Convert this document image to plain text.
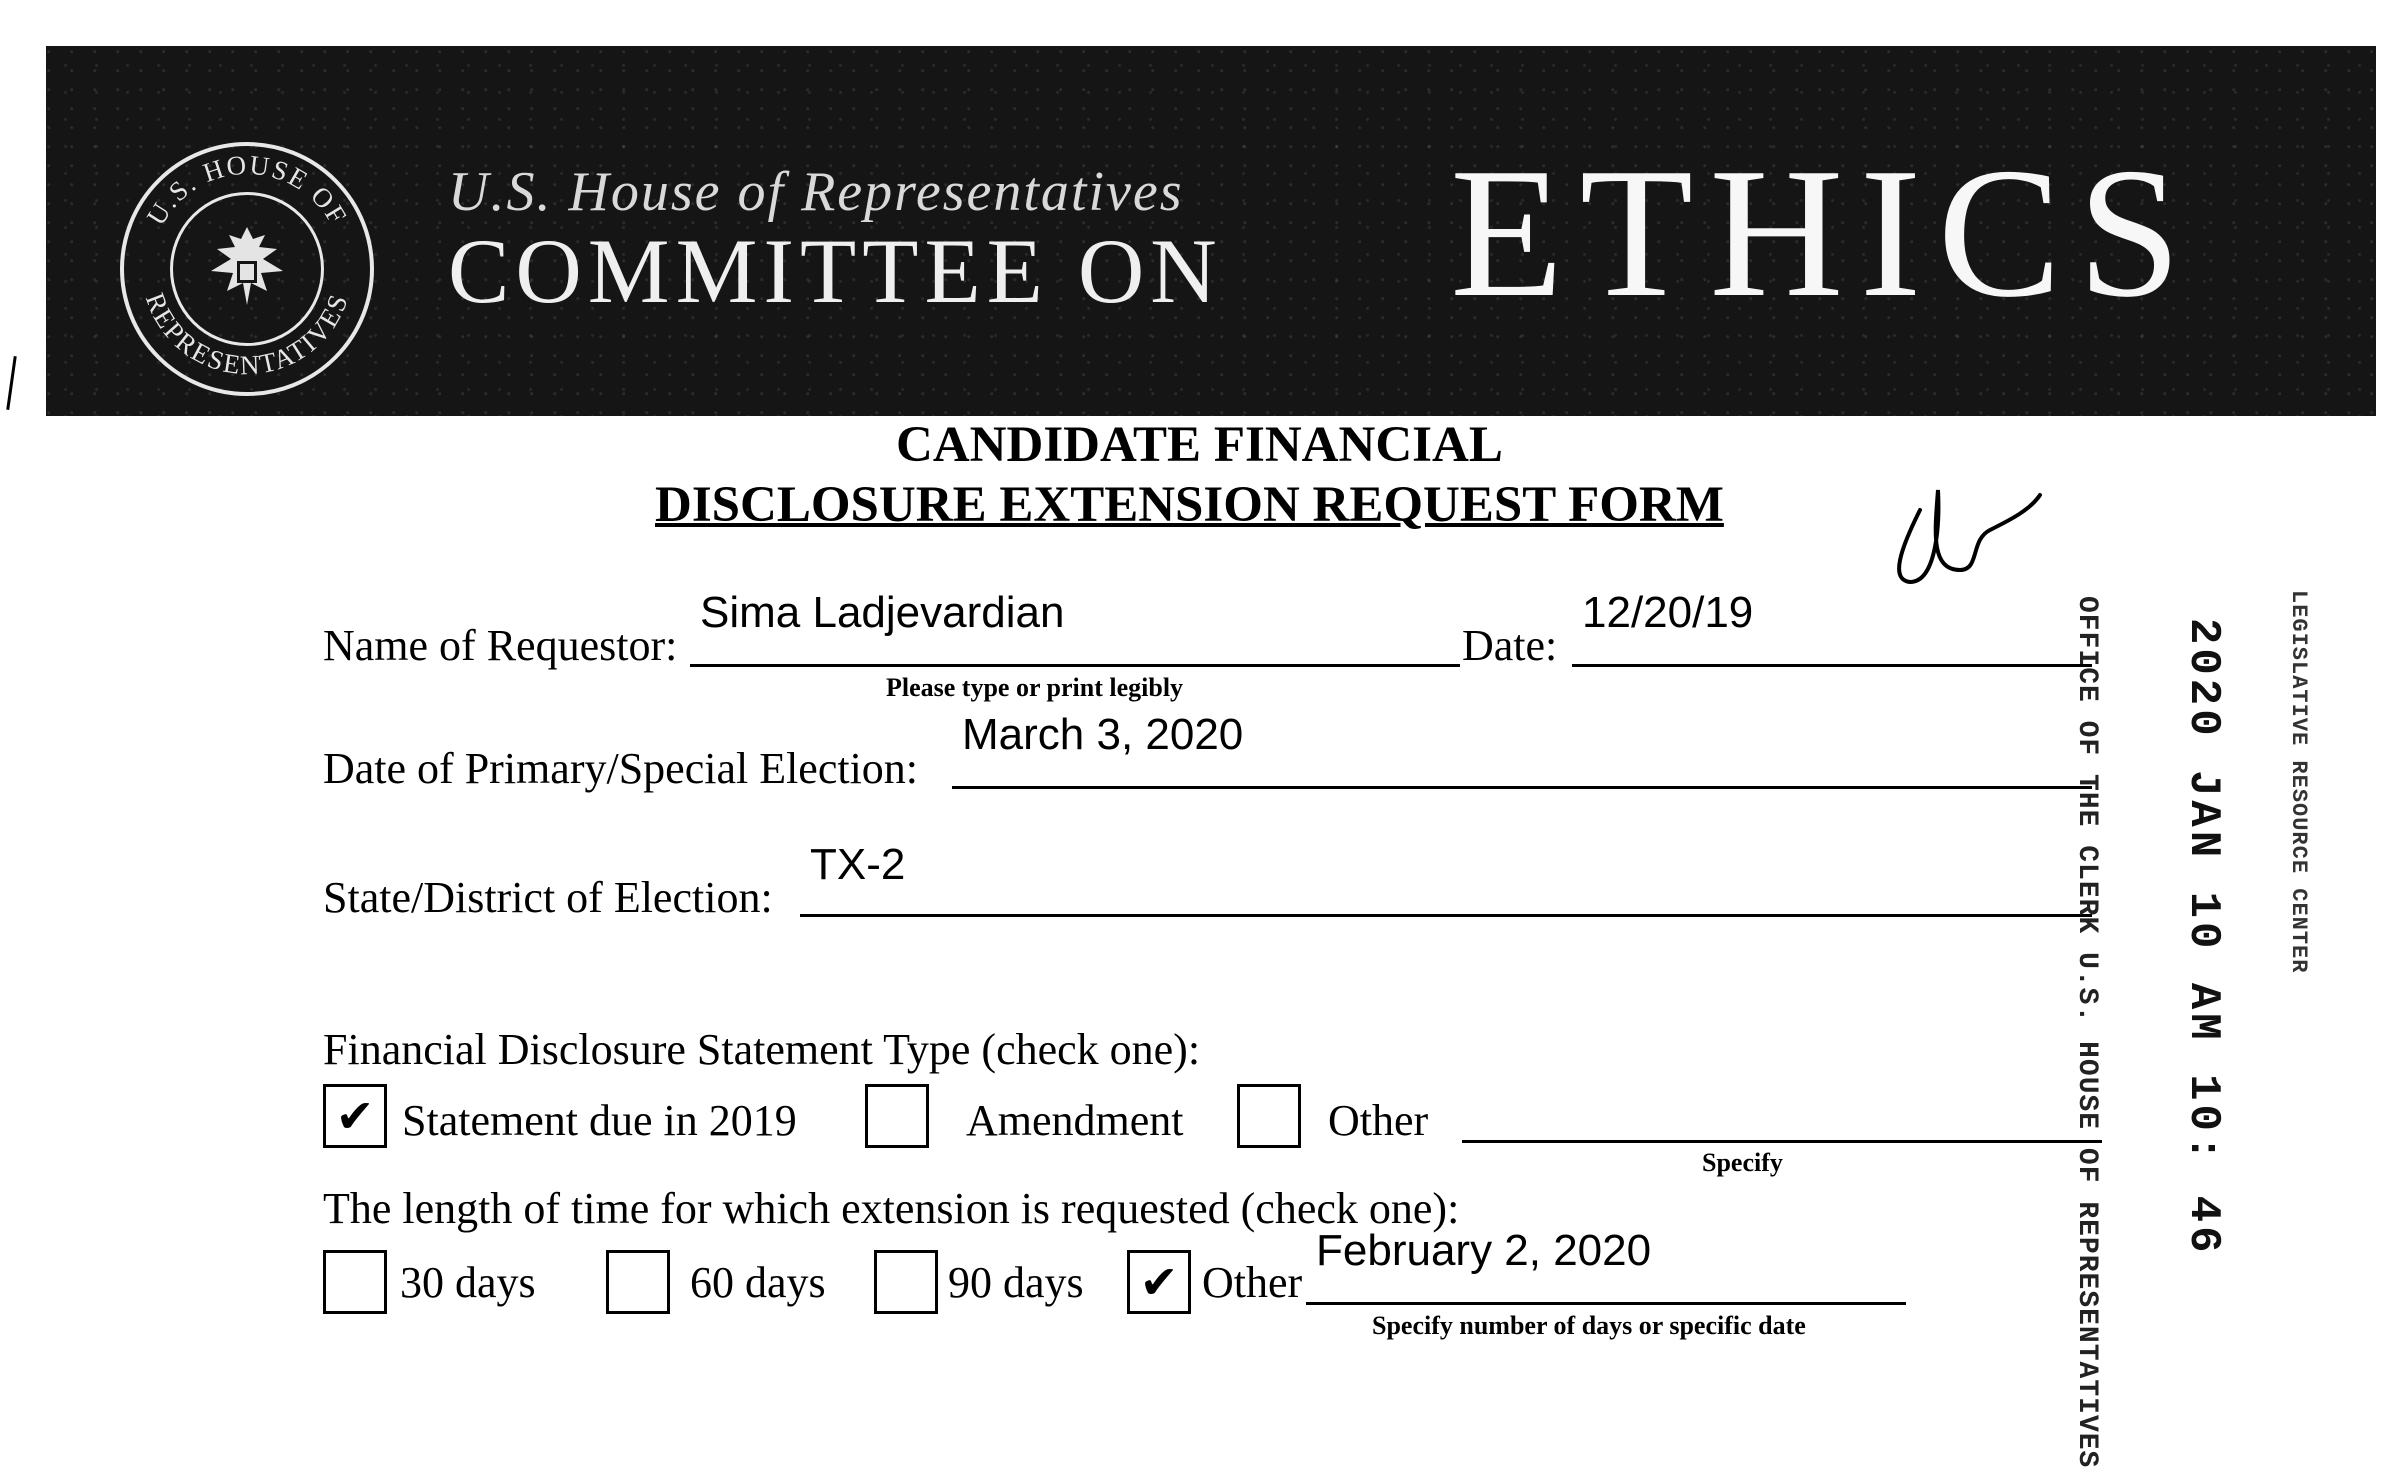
U.S. HOUSE OF
REPRESENTATIVES
U.S. House of Representatives
COMMITTEE ON ETHICS
CANDIDATE FINANCIAL
DISCLOSURE EXTENSION REQUEST FORM
Name of Requestor:
Sima Ladjevardian
Please type or print legibly
Date:
12/20/19
Date of Primary/Special Election:
March 3, 2020
State/District of Election:
TX-2
Financial Disclosure Statement Type (check one):
✔ Statement due in 2019	Amendment	Other
Specify
The length of time for which extension is requested (check one):
30 days	60 days	90 days ✔ Other
February 2, 2020
Specify number of days or specific date
OFFICE OF THE CLERK U.S. HOUSE OF REPRESENTATIVES 2020 JAN 10 AM 10: 46	LEGISLATIVE RESOURCE CENTER
